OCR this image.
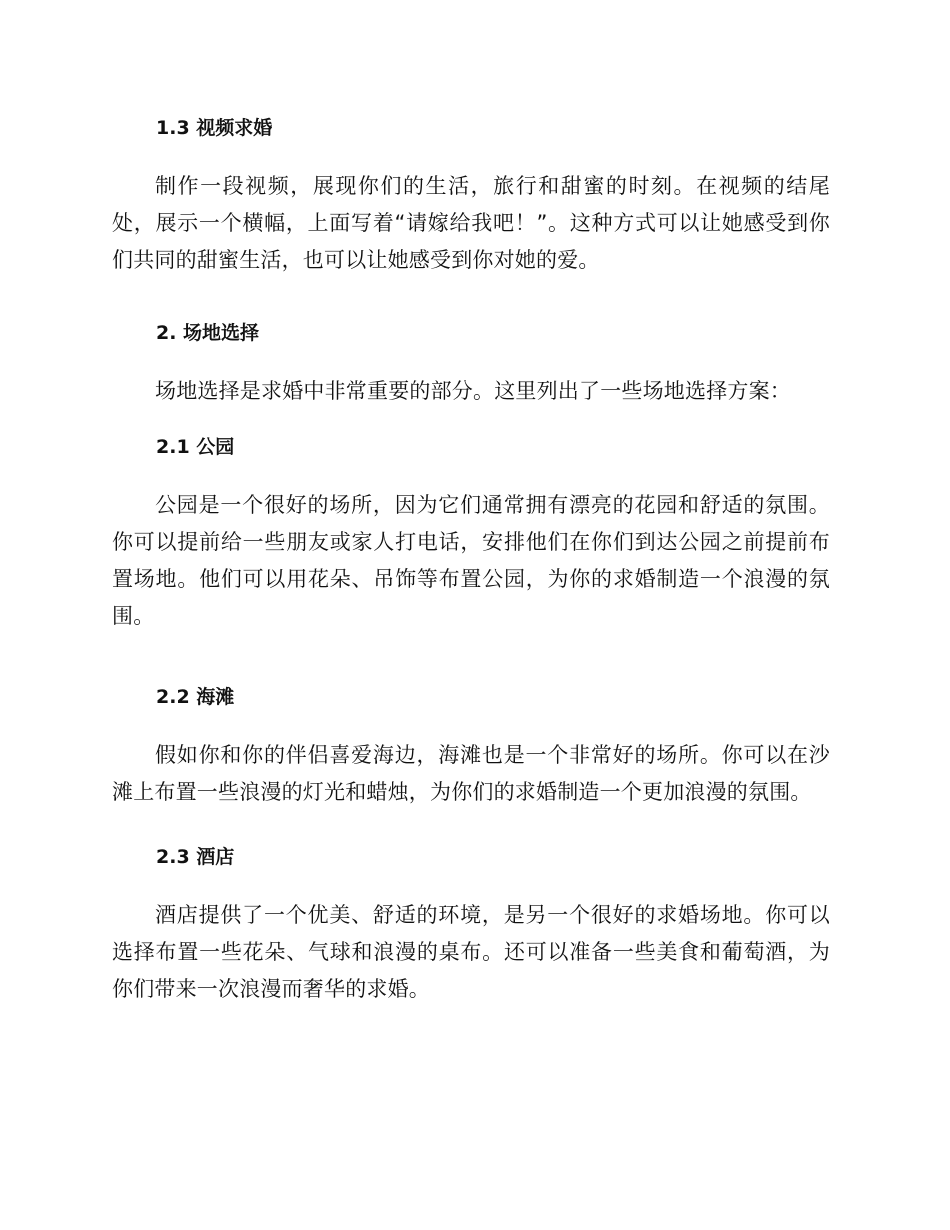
1.3 视频求婚
制作一段视频，展现你们的生活，旅行和甜蜜的时刻。在视频的结尾处，展示一个横幅，上面写着“请嫁给我吧！”。这种方式可以让她感受到你们共同的甜蜜生活，也可以让她感受到你对她的爱。
2. 场地选择
场地选择是求婚中非常重要的部分。这里列出了一些场地选择方案：
2.1 公园
公园是一个很好的场所，因为它们通常拥有漂亮的花园和舒适的氛围。你可以提前给一些朋友或家人打电话，安排他们在你们到达公园之前提前布置场地。他们可以用花朵、吊饰等布置公园，为你的求婚制造一个浪漫的氛围。
2.2 海滩
假如你和你的伴侣喜爱海边，海滩也是一个非常好的场所。你可以在沙滩上布置一些浪漫的灯光和蜡烛，为你们的求婚制造一个更加浪漫的氛围。
2.3 酒店
酒店提供了一个优美、舒适的环境，是另一个很好的求婚场地。你可以选择布置一些花朵、气球和浪漫的桌布。还可以准备一些美食和葡萄酒，为你们带来一次浪漫而奢华的求婚。
